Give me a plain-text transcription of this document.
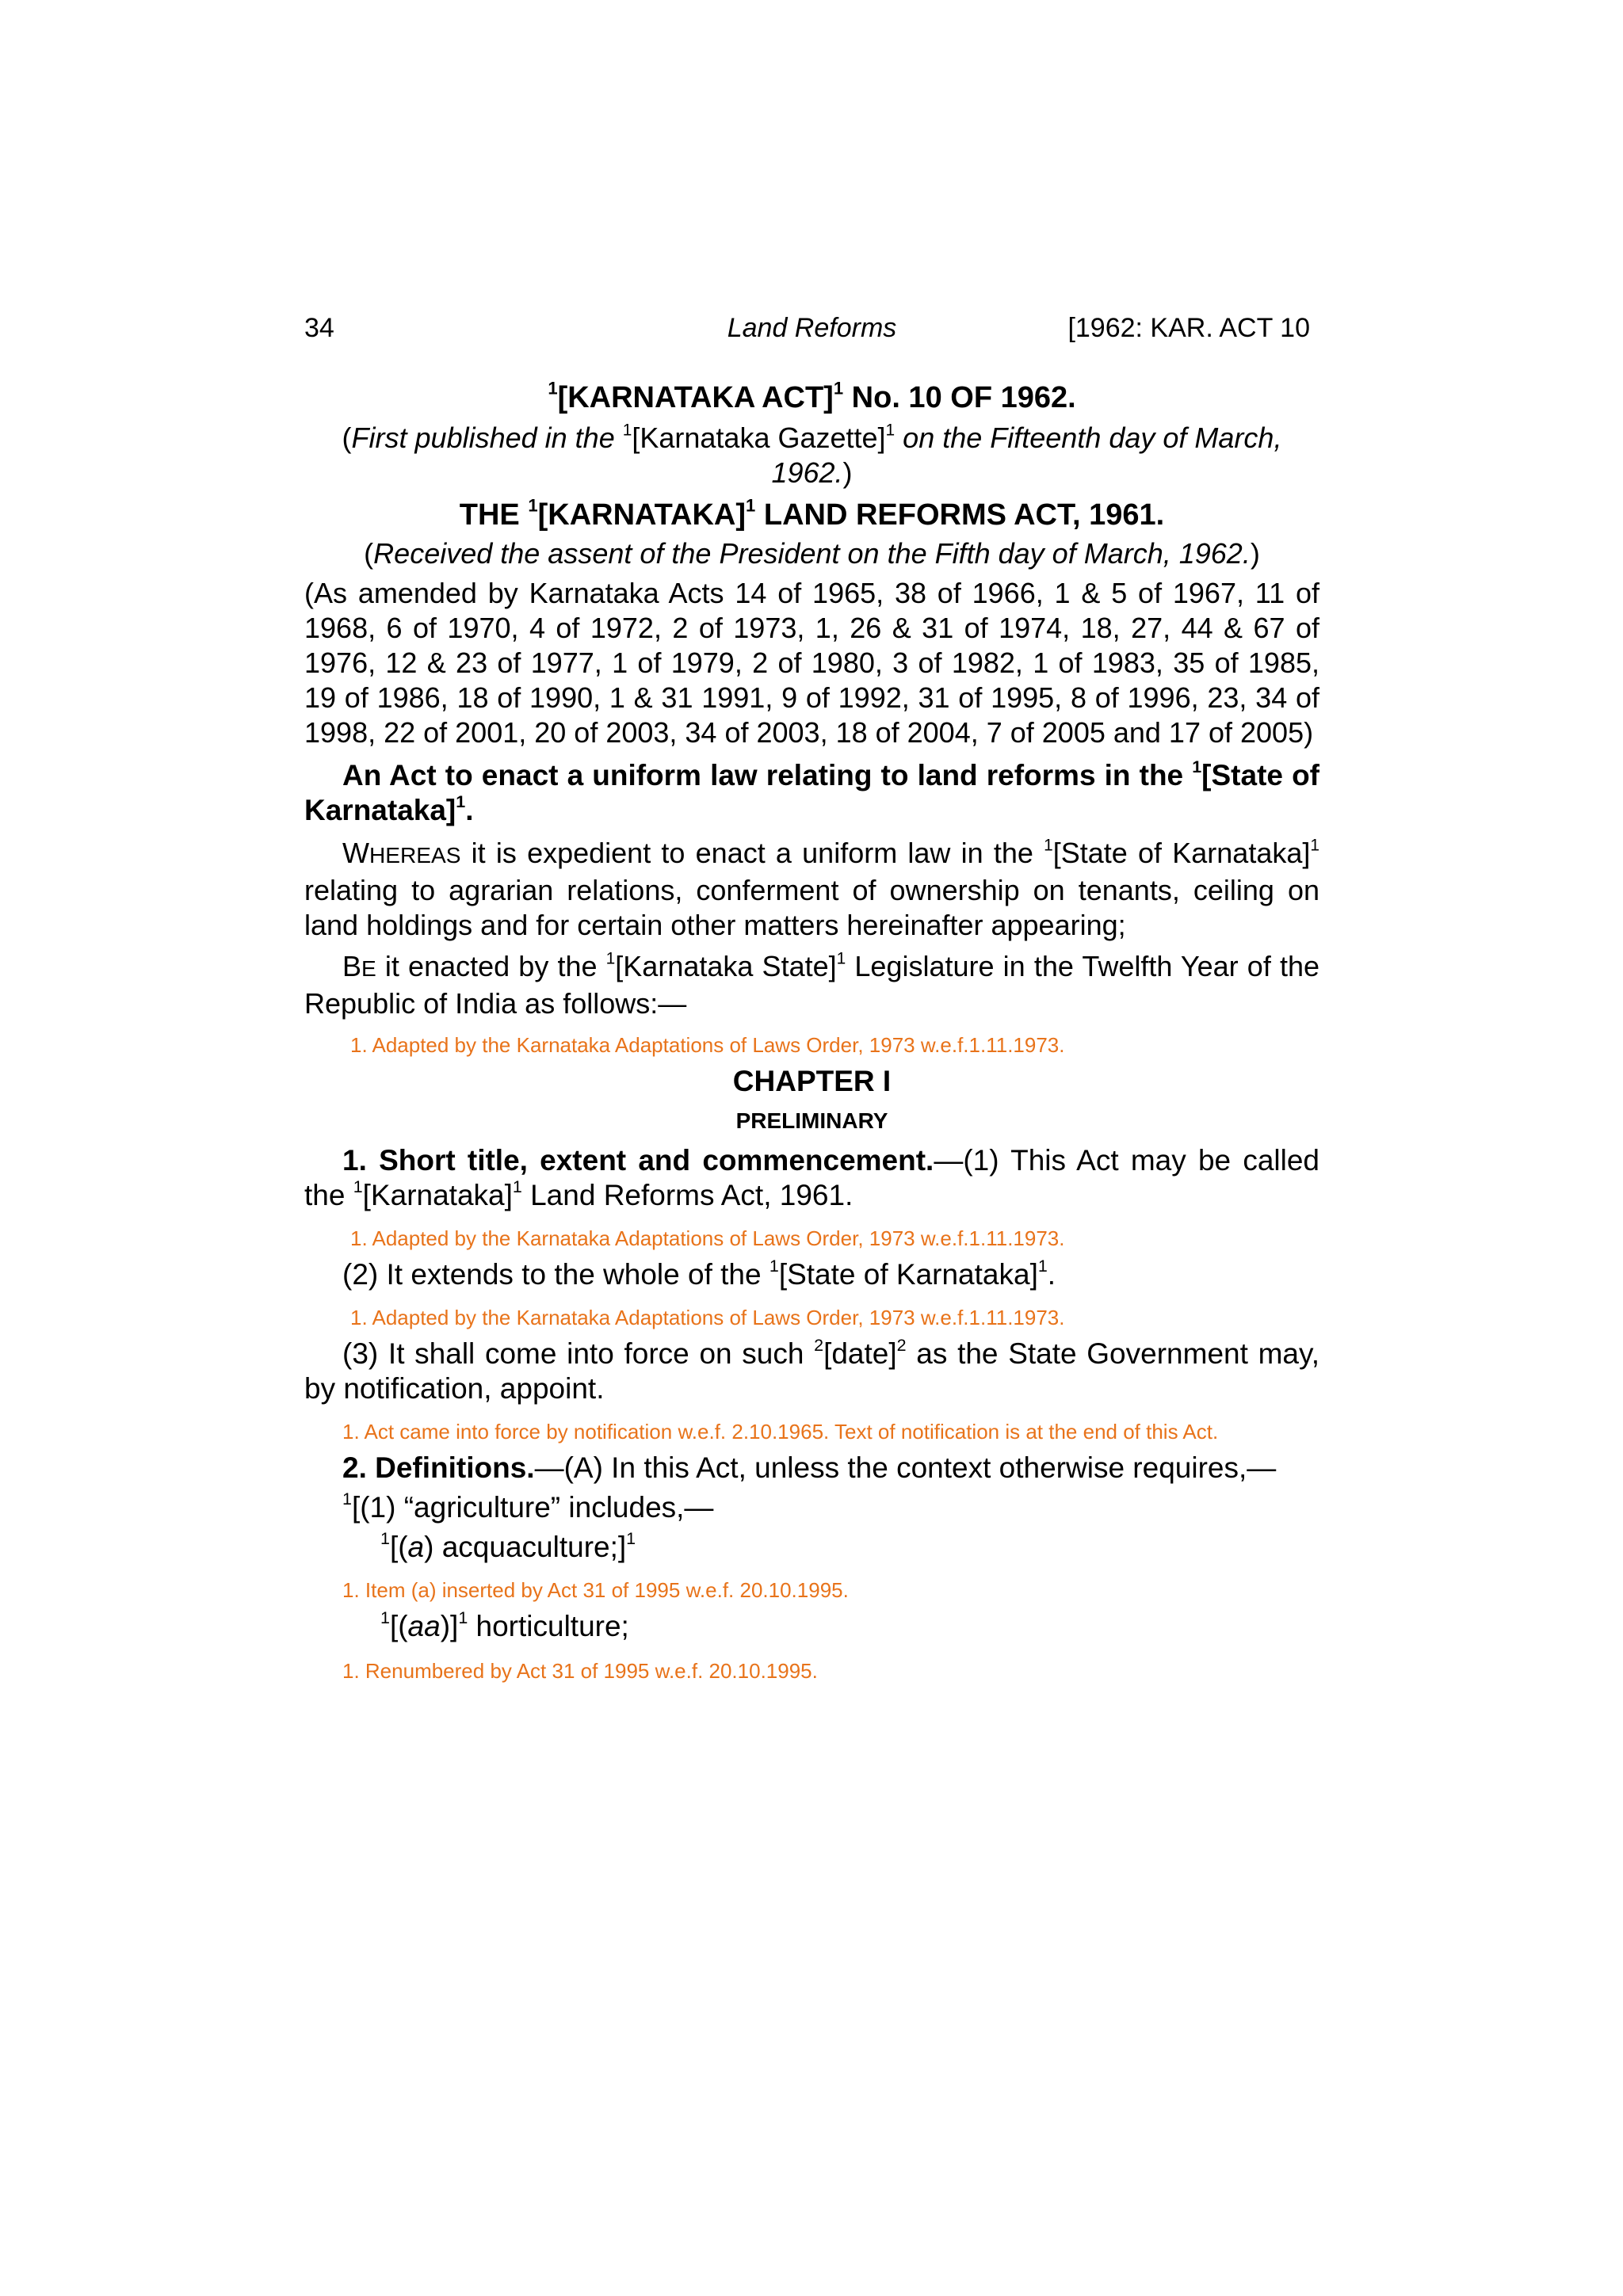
34	Land Reforms	[1962: KAR. ACT 10
$^1$[KARNATAKA ACT]$^1$ No. 10 OF 1962.
(First published in the $^1$[Karnataka Gazette]$^1$ on the Fifteenth day of March, 1962.)
THE $^1$[KARNATAKA]$^1$ LAND REFORMS ACT, 1961.
(Received the assent of the President on the Fifth day of March, 1962.)
(As amended by Karnataka Acts 14 of 1965, 38 of 1966, 1 & 5 of 1967, 11 of 1968, 6 of 1970, 4 of 1972, 2 of 1973, 1, 26 & 31 of 1974, 18, 27, 44 & 67 of 1976, 12 & 23 of 1977, 1 of 1979, 2 of 1980, 3 of 1982, 1 of 1983, 35 of 1985, 19 of 1986, 18 of 1990, 1 & 31 1991, 9 of 1992, 31 of 1995, 8 of 1996, 23, 34 of 1998, 22 of 2001, 20 of 2003, 34 of 2003, 18 of 2004, 7 of 2005 and 17 of 2005)
An Act to enact a uniform law relating to land reforms in the $^1$[State of Karnataka]$^1$.
WHEREAS it is expedient to enact a uniform law in the $^1$[State of Karnataka]$^1$ relating to agrarian relations, conferment of ownership on tenants, ceiling on land holdings and for certain other matters hereinafter appearing;
BE it enacted by the $^1$[Karnataka State]$^1$ Legislature in the Twelfth Year of the Republic of India as follows:—
1. Adapted by the Karnataka Adaptations of Laws Order, 1973 w.e.f.1.11.1973.
CHAPTER I
PRELIMINARY
1. Short title, extent and commencement.—(1) This Act may be called the $^1$[Karnataka]$^1$ Land Reforms Act, 1961.
1. Adapted by the Karnataka Adaptations of Laws Order, 1973 w.e.f.1.11.1973.
(2) It extends to the whole of the $^1$[State of Karnataka]$^1$.
1. Adapted by the Karnataka Adaptations of Laws Order, 1973 w.e.f.1.11.1973.
(3) It shall come into force on such $^2$[date]$^2$ as the State Government may, by notification, appoint.
1. Act came into force by notification w.e.f. 2.10.1965. Text of notification is at the end of this Act.
2. Definitions.—(A) In this Act, unless the context otherwise requires,—
$^1$[(1) “agriculture” includes,—
$^1$[(a) acquaculture;]$^1$
1. Item (a) inserted by Act 31 of 1995 w.e.f. 20.10.1995.
$^1[(aa)]^1$ horticulture;
1. Renumbered by Act 31 of 1995 w.e.f. 20.10.1995.
